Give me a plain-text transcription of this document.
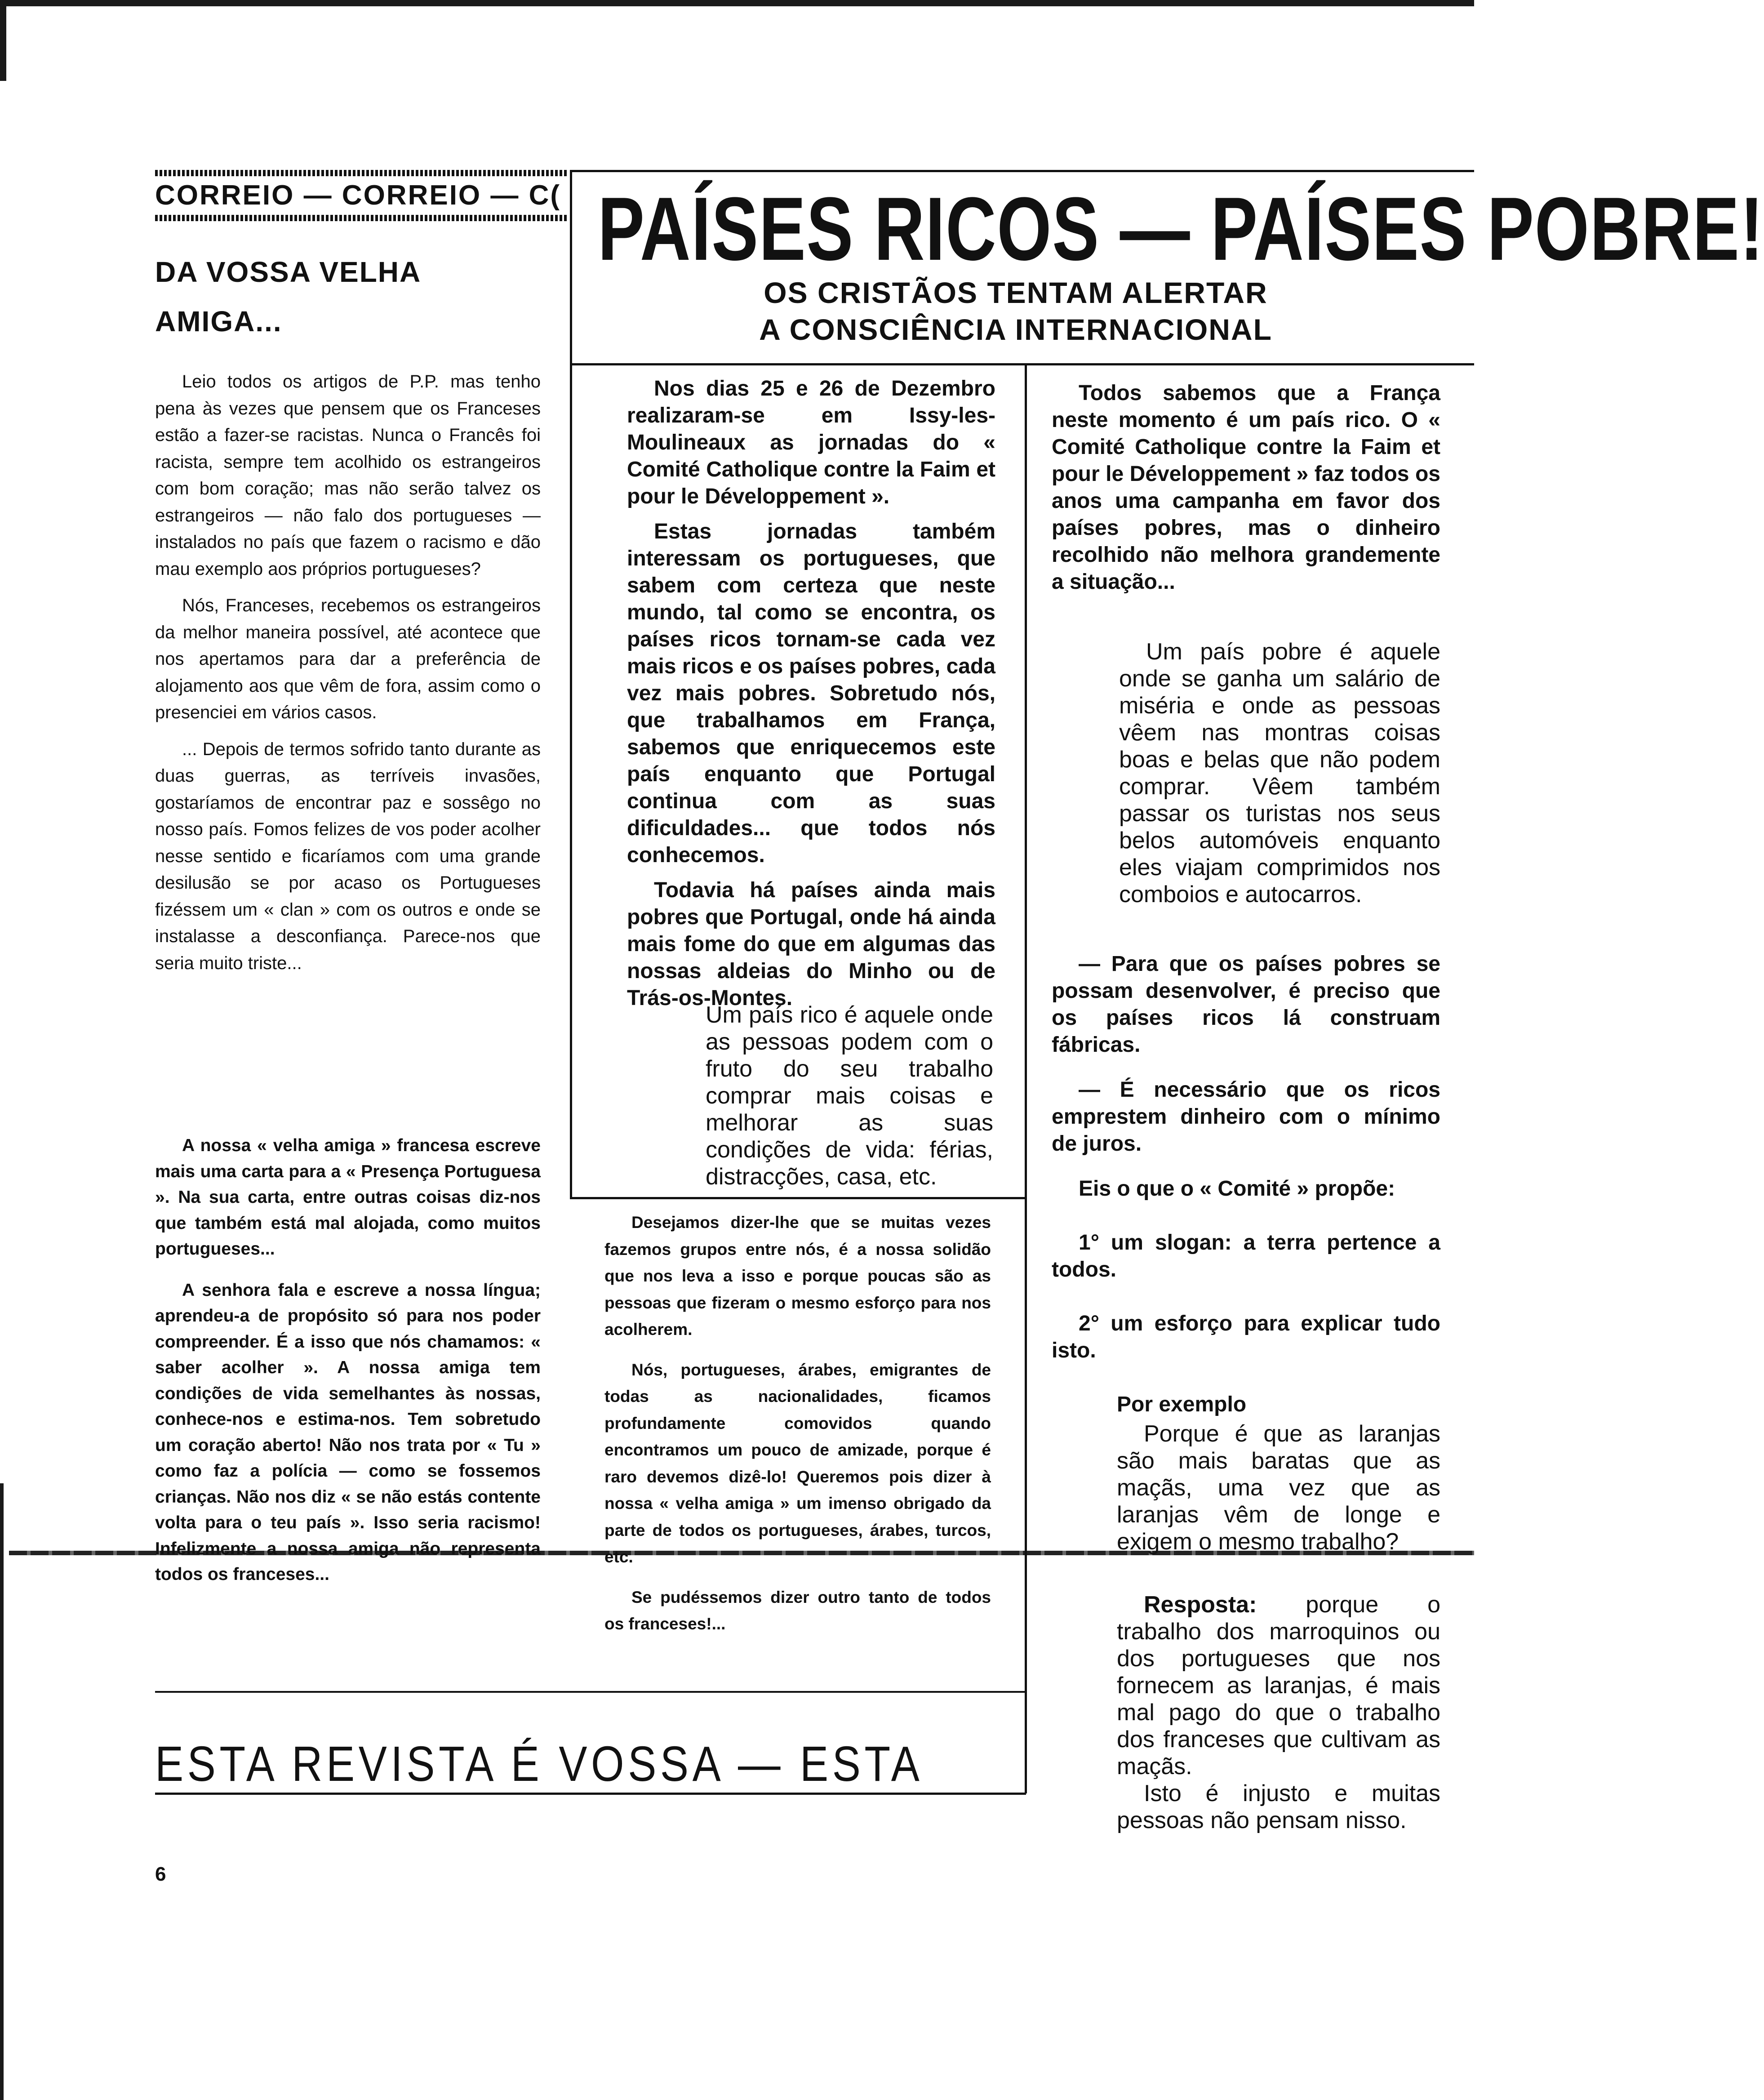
CORREIO — CORREIO — C(
DA VOSSA VELHA
AMIGA...

Leio todos os artigos de P.P. mas tenho pena às vezes que pensem que os Franceses estão a fazer-se racistas. Nunca o Francês foi racista, sempre tem acolhido os estrangeiros com bom coração; mas não serão talvez os estrangeiros — não falo dos portugueses — instalados no país que fazem o racismo e dão mau exemplo aos próprios portugueses?

Nós, Franceses, recebemos os estrangeiros da melhor maneira possível, até acontece que nos apertamos para dar a preferência de alojamento aos que vêm de fora, assim como o presenciei em vários casos.

... Depois de termos sofrido tanto durante as duas guerras, as terríveis invasões, gostaríamos de encontrar paz e sossêgo no nosso país. Fomos felizes de vos poder acolher nesse sentido e ficaríamos com uma grande desilusão se por acaso os Portugueses fizéssem um « clan » com os outros e onde se instalasse a desconfiança. Parece-nos que seria muito triste...

A nossa « velha amiga » francesa escreve mais uma carta para a « Presença Portuguesa ». Na sua carta, entre outras coisas diz-nos que também está mal alojada, como muitos portugueses...

A senhora fala e escreve a nossa língua; aprendeu-a de propósito só para nos poder compreender. É a isso que nós chamamos: « saber acolher ». A nossa amiga tem condições de vida semelhantes às nossas, conhece-nos e estima-nos. Tem sobretudo um coração aberto! Não nos trata por « Tu » como faz a polícia — como se fossemos crianças. Não nos diz « se não estás contente volta para o teu país ». Isso seria racismo! Infelizmente a nossa amiga não representa todos os franceses...

PAÍSES RICOS — PAÍSES POBRE!
OS CRISTÃOS TENTAM ALERTAR
A CONSCIÊNCIA INTERNACIONAL

Nos dias 25 e 26 de Dezembro realizaram-se em Issy-les-Moulineaux as jornadas do « Comité Catholique contre la Faim et pour le Développement ».

Estas jornadas também interessam os portugueses, que sabem com certeza que neste mundo, tal como se encontra, os países ricos tornam-se cada vez mais ricos e os países pobres, cada vez mais pobres. Sobretudo nós, que trabalhamos em França, sabemos que enriquecemos este país enquanto que Portugal continua com as suas dificuldades... que todos nós conhecemos.

Todavia há países ainda mais pobres que Portugal, onde há ainda mais fome do que em algumas das nossas aldeias do Minho ou de Trás-os-Montes.

Um país rico é aquele onde as pessoas podem com o fruto do seu trabalho comprar mais coisas e melhorar as suas condições de vida: férias, distracções, casa, etc.

Desejamos dizer-lhe que se muitas vezes fazemos grupos entre nós, é a nossa solidão que nos leva a isso e porque poucas são as pessoas que fizeram o mesmo esforço para nos acolherem.

Nós, portugueses, árabes, emigrantes de todas as nacionalidades, ficamos profundamente comovidos quando encontramos um pouco de amizade, porque é raro devemos dizê-lo! Queremos pois dizer à nossa « velha amiga » um imenso obrigado da parte de todos os portugueses, árabes, turcos, etc.

Se pudéssemos dizer outro tanto de todos os franceses!...

Todos sabemos que a França neste momento é um país rico. O « Comité Catholique contre la Faim et pour le Développement » faz todos os anos uma campanha em favor dos países pobres, mas o dinheiro recolhido não melhora grandemente a situação...

Um país pobre é aquele onde se ganha um salário de miséria e onde as pessoas vêem nas montras coisas boas e belas que não podem comprar. Vêem também passar os turistas nos seus belos automóveis enquanto eles viajam comprimidos nos comboios e autocarros.

— Para que os países pobres se possam desenvolver, é preciso que os países ricos lá construam fábricas.

— É necessário que os ricos emprestem dinheiro com o mínimo de juros.

Eis o que o « Comité » propõe:

1° um slogan: a terra pertence a todos.

2° um esforço para explicar tudo isto.

Por exemplo

Porque é que as laranjas são mais baratas que as maçãs, uma vez que as laranjas vêm de longe e exigem o mesmo trabalho?

Resposta: porque o trabalho dos marroquinos ou dos portugueses que nos fornecem as laranjas, é mais mal pago do que o trabalho dos franceses que cultivam as maçãs.

Isto é injusto e muitas pessoas não pensam nisso.

ESTA REVISTA É VOSSA — ESTA
6
